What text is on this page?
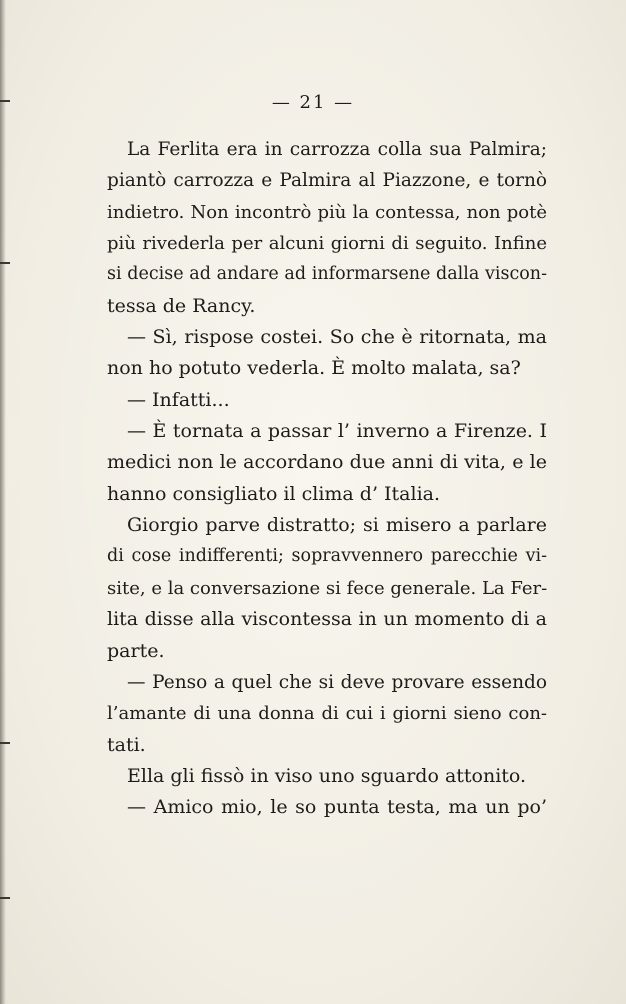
— 21 —
La Ferlita era in carrozza colla sua Palmira;
piantò carrozza e Palmira al Piazzone, e tornò
indietro. Non incontrò più la contessa, non potè
più rivederla per alcuni giorni di seguito. Infine
si decise ad andare ad informarsene dalla viscon-
tessa de Rancy.
— Sì, rispose costei. So che è ritornata, ma
non ho potuto vederla. È molto malata, sa?
— Infatti...
— È tornata a passar l’ inverno a Firenze. I
medici non le accordano due anni di vita, e le
hanno consigliato il clima d’ Italia.
Giorgio parve distratto; si misero a parlare
di cose indifferenti; sopravvennero parecchie vi-
site, e la conversazione si fece generale. La Fer-
lita disse alla viscontessa in un momento di a
parte.
— Penso a quel che si deve provare essendo
l’amante di una donna di cui i giorni sieno con-
tati.
Ella gli fissò in viso uno sguardo attonito.
— Amico mio, le so punta testa, ma un po’
